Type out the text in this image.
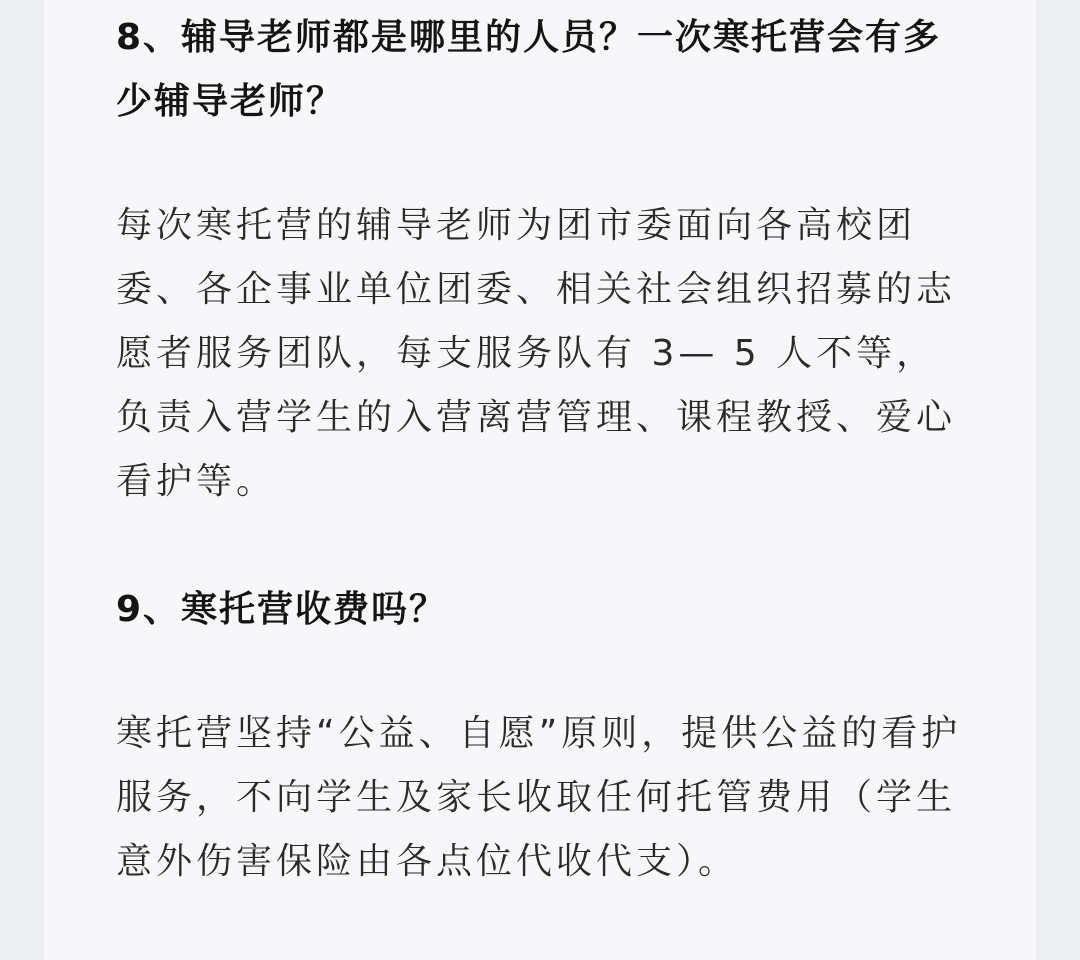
8、辅导老师都是哪里的人员？一次寒托营会有多少辅导老师？

每次寒托营的辅导老师为团市委面向各高校团委、各企事业单位团委、相关社会组织招募的志愿者服务团队，每支服务队有 3— 5 人不等，负责入营学生的入营离营管理、课程教授、爱心看护等。

9、寒托营收费吗？

寒托营坚持“公益、自愿”原则，提供公益的看护服务，不向学生及家长收取任何托管费用（学生意外伤害保险由各点位代收代支）。
